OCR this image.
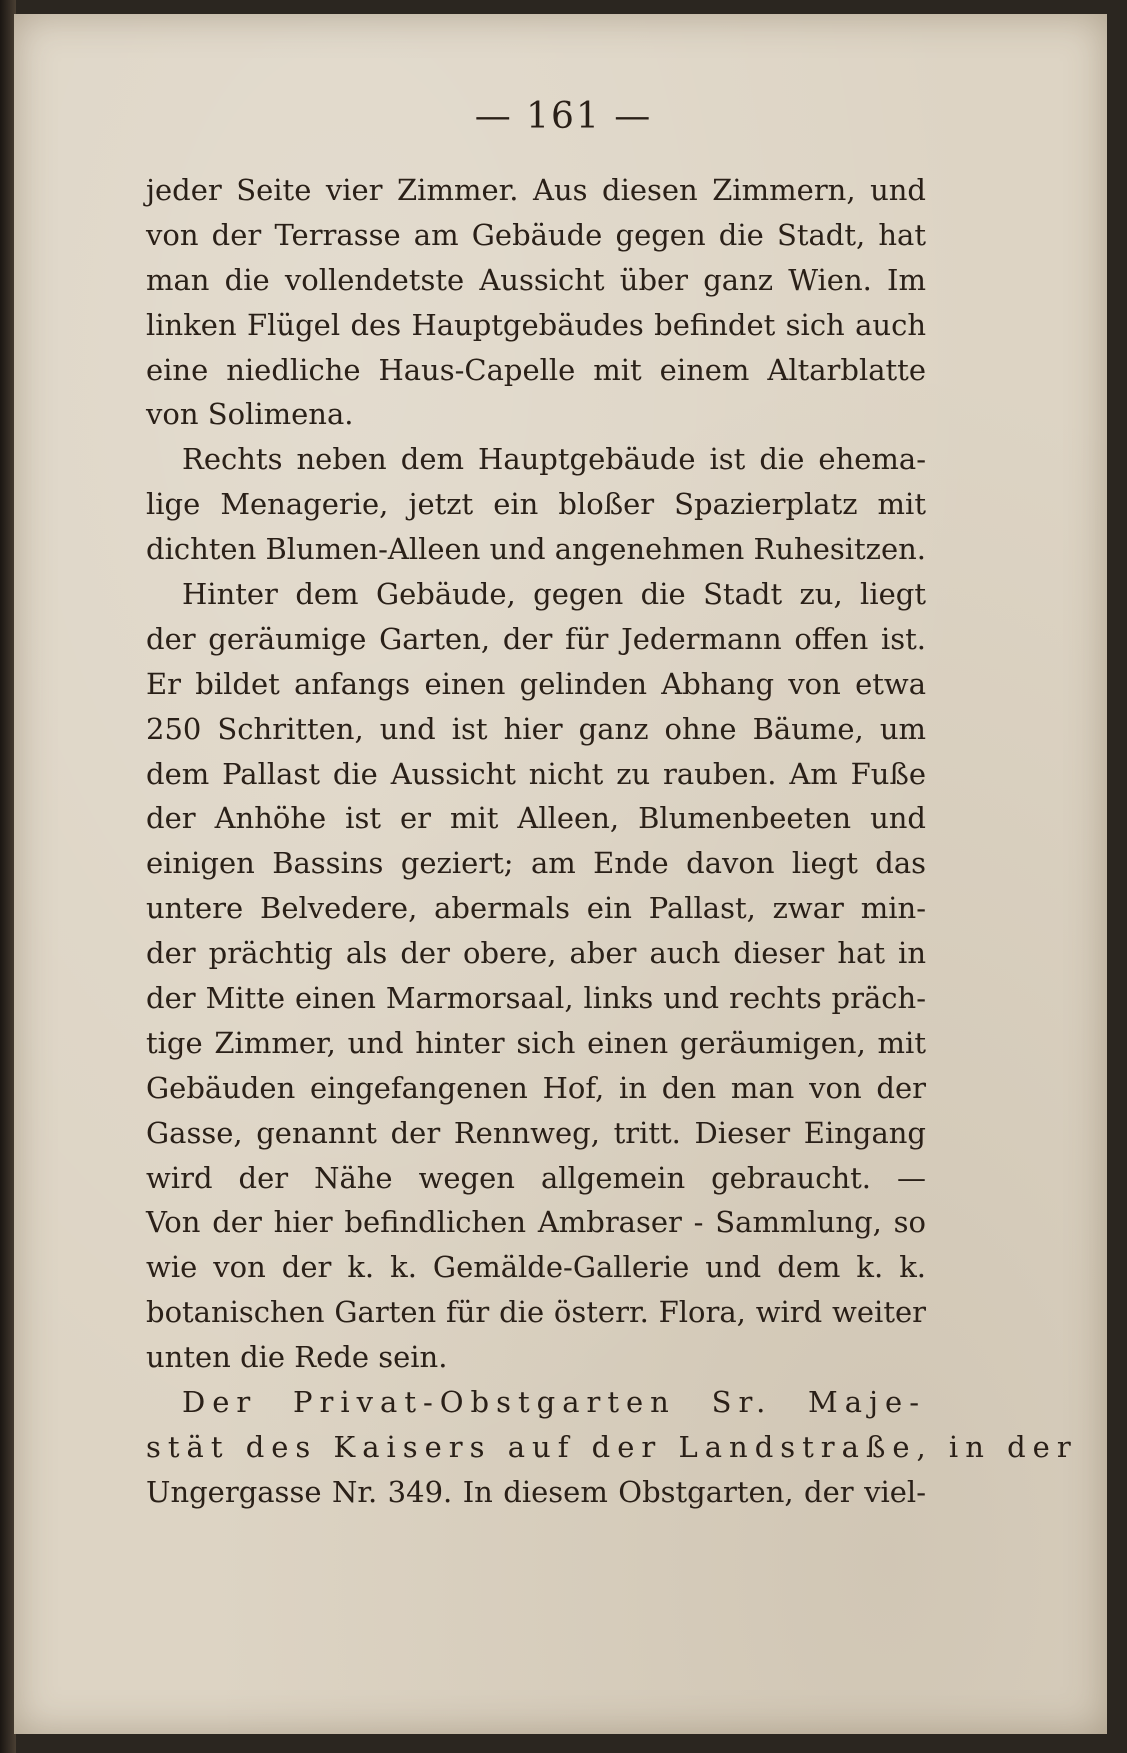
— 161 —
jeder Seite vier Zimmer. Aus diesen Zimmern, und
von der Terrasse am Gebäude gegen die Stadt, hat
man die vollendetste Aussicht über ganz Wien. Im
linken Flügel des Hauptgebäudes befindet sich auch
eine niedliche Haus-Capelle mit einem Altarblatte
von Solimena.
Rechts neben dem Hauptgebäude ist die ehema-
lige Menagerie, jetzt ein bloßer Spazierplatz mit
dichten Blumen-Alleen und angenehmen Ruhesitzen.
Hinter dem Gebäude, gegen die Stadt zu, liegt
der geräumige Garten, der für Jedermann offen ist.
Er bildet anfangs einen gelinden Abhang von etwa
250 Schritten, und ist hier ganz ohne Bäume, um
dem Pallast die Aussicht nicht zu rauben. Am Fuße
der Anhöhe ist er mit Alleen, Blumenbeeten und
einigen Bassins geziert; am Ende davon liegt das
untere Belvedere, abermals ein Pallast, zwar min-
der prächtig als der obere, aber auch dieser hat in
der Mitte einen Marmorsaal, links und rechts präch-
tige Zimmer, und hinter sich einen geräumigen, mit
Gebäuden eingefangenen Hof, in den man von der
Gasse, genannt der Rennweg, tritt. Dieser Eingang
wird der Nähe wegen allgemein gebraucht. —
Von der hier befindlichen Ambraser - Sammlung, so
wie von der k. k. Gemälde-Gallerie und dem k. k.
botanischen Garten für die österr. Flora, wird weiter
unten die Rede sein.
Der Privat-Obstgarten Sr. Maje-
stät des Kaisers auf der Landstraße, in der
Ungergasse Nr. 349. In diesem Obstgarten, der viel-
